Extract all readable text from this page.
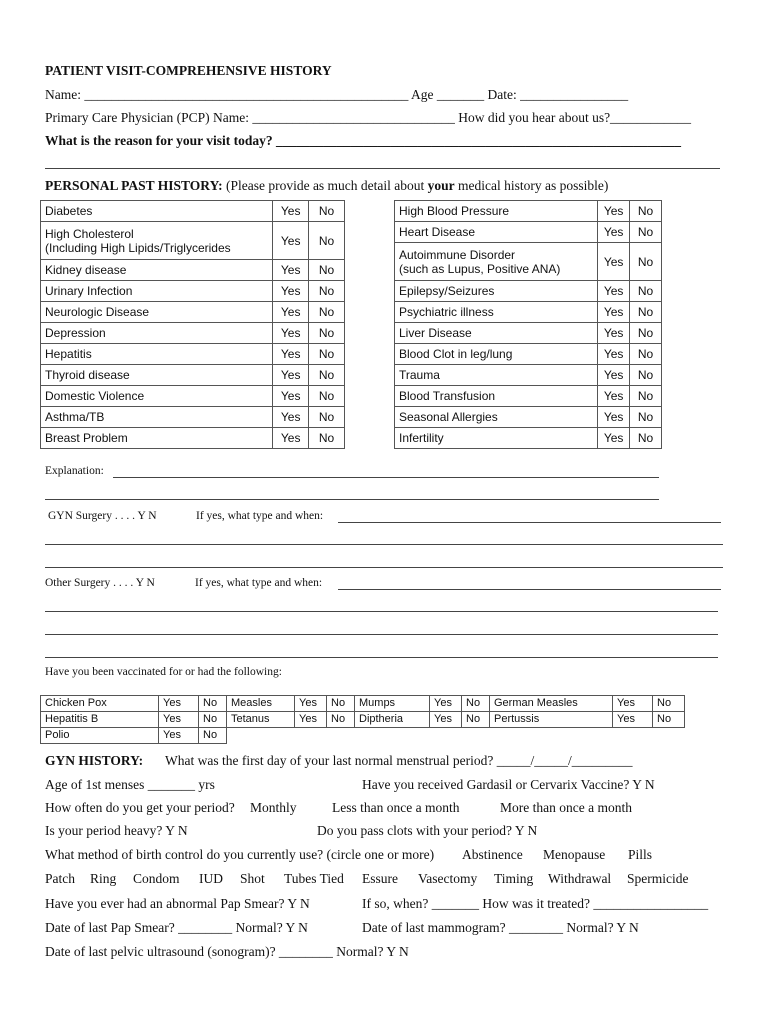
PATIENT VISIT-COMPREHENSIVE HISTORY
Name: ________________________________________________ Age _______ Date: ________________
Primary Care Physician (PCP) Name: ______________________________ How did you hear about us?____________
What is the reason for your visit today? ____________________________________________________________
PERSONAL PAST HISTORY: (Please provide as much detail about your medical history as possible)
Diabetes	Yes	No

High Cholesterol
(Including High Lipids/Triglycerides	Yes	No

Kidney disease	Yes	No

Urinary Infection	Yes	No

Neurologic Disease	Yes	No

Depression	Yes	No

Hepatitis	Yes	No

Thyroid disease	Yes	No

Domestic Violence	Yes	No

Asthma/TB	Yes	No

Breast Problem	Yes	No
High Blood Pressure	Yes	No

Heart Disease	Yes	No

Autoimmune Disorder
(such as Lupus, Positive ANA)	Yes	No

Epilepsy/Seizures	Yes	No

Psychiatric illness	Yes	No

Liver Disease	Yes	No

Blood Clot in leg/lung	Yes	No

Trauma	Yes	No

Blood Transfusion	Yes	No

Seasonal Allergies	Yes	No

Infertility	Yes	No
Explanation:
GYN Surgery . . . . Y N	If yes, what type and when:
Other Surgery . . . . Y N	If yes, what type and when:
Have you been vaccinated for or had the following:
Chicken Pox	Yes	No	Measles	Yes	No	Mumps	Yes	No	German Measles	Yes	No
Hepatitis B	Yes	No	Tetanus	Yes	No	Diptheria	Yes	No	Pertussis	Yes	No
Polio	Yes	No									
GYN HISTORY: What was the first day of your last normal menstrual period? _____/_____/_________
Age of 1st menses _______ yrs	Have you received Gardasil or Cervarix Vaccine? Y N
How often do you get your period? Monthly	Less than once a month	More than once a month
Is your period heavy? Y N	Do you pass clots with your period? Y N
What method of birth control do you currently use? (circle one or more) Abstinence Menopause Pills
Patch Ring Condom IUD Shot Tubes Tied Essure Vasectomy Timing Withdrawal Spermicide
Have you ever had an abnormal Pap Smear? Y N	If so, when? _______ How was it treated? _________________
Date of last Pap Smear? ________ Normal? Y N	Date of last mammogram? ________ Normal? Y N
Date of last pelvic ultrasound (sonogram)? ________ Normal? Y N
